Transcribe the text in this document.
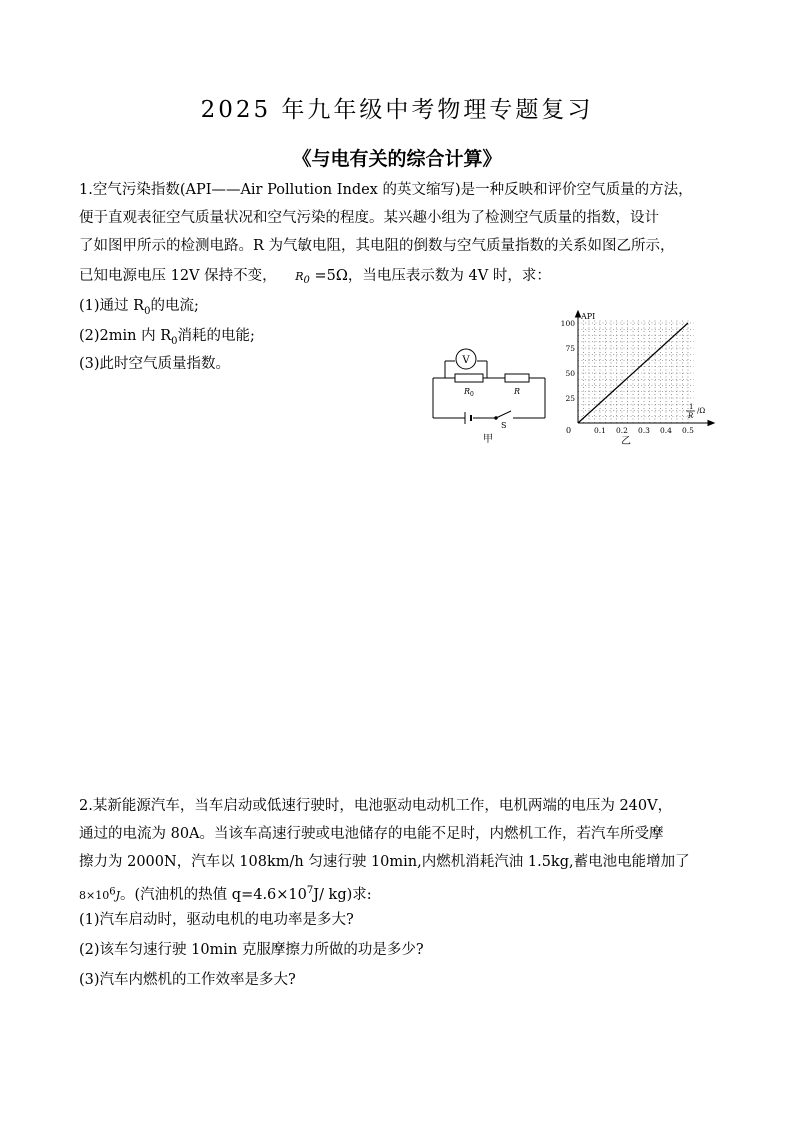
2025 年九年级中考物理专题复习
《与电有关的综合计算》
1.空气污染指数(API——Air Pollution Index 的英文缩写)是一种反映和评价空气质量的方法，
便于直观表征空气质量状况和空气污染的程度。某兴趣小组为了检测空气质量的指数，设计
了如图甲所示的检测电路。R 为气敏电阻，其电阻的倒数与空气质量指数的关系如图乙所示，
已知电源电压 12V 保持不变， $R_0 =5\Omega$，当电压表示数为 4V 时，求：
(1)通过 $R_0$的电流;
(2)2min 内 $R_0$消耗的电能;
(3)此时空气质量指数。	V
R 0	R
S
甲
API
1
R
/Ω
100
75
50
25
0.1 0.2 0.3 0.4 0.5
0
乙
2.某新能源汽车，当车启动或低速行驶时，电池驱动电动机工作，电机两端的电压为 240V，
通过的电流为 80A。当该车高速行驶或电池储存的电能不足时，内燃机工作，若汽车所受摩
擦力为 2000N，汽车以 108km/h 匀速行驶 10min,内燃机消耗汽油 1.5kg,蓄电池电能增加了
$8\times 10^6J$。(汽油机的热值 $q=4.6\times 10^7J/$ kg)求:
(1)汽车启动时，驱动电机的电功率是多大?
(2)该车匀速行驶 10min 克服摩擦力所做的功是多少?
(3)汽车内燃机的工作效率是多大?
